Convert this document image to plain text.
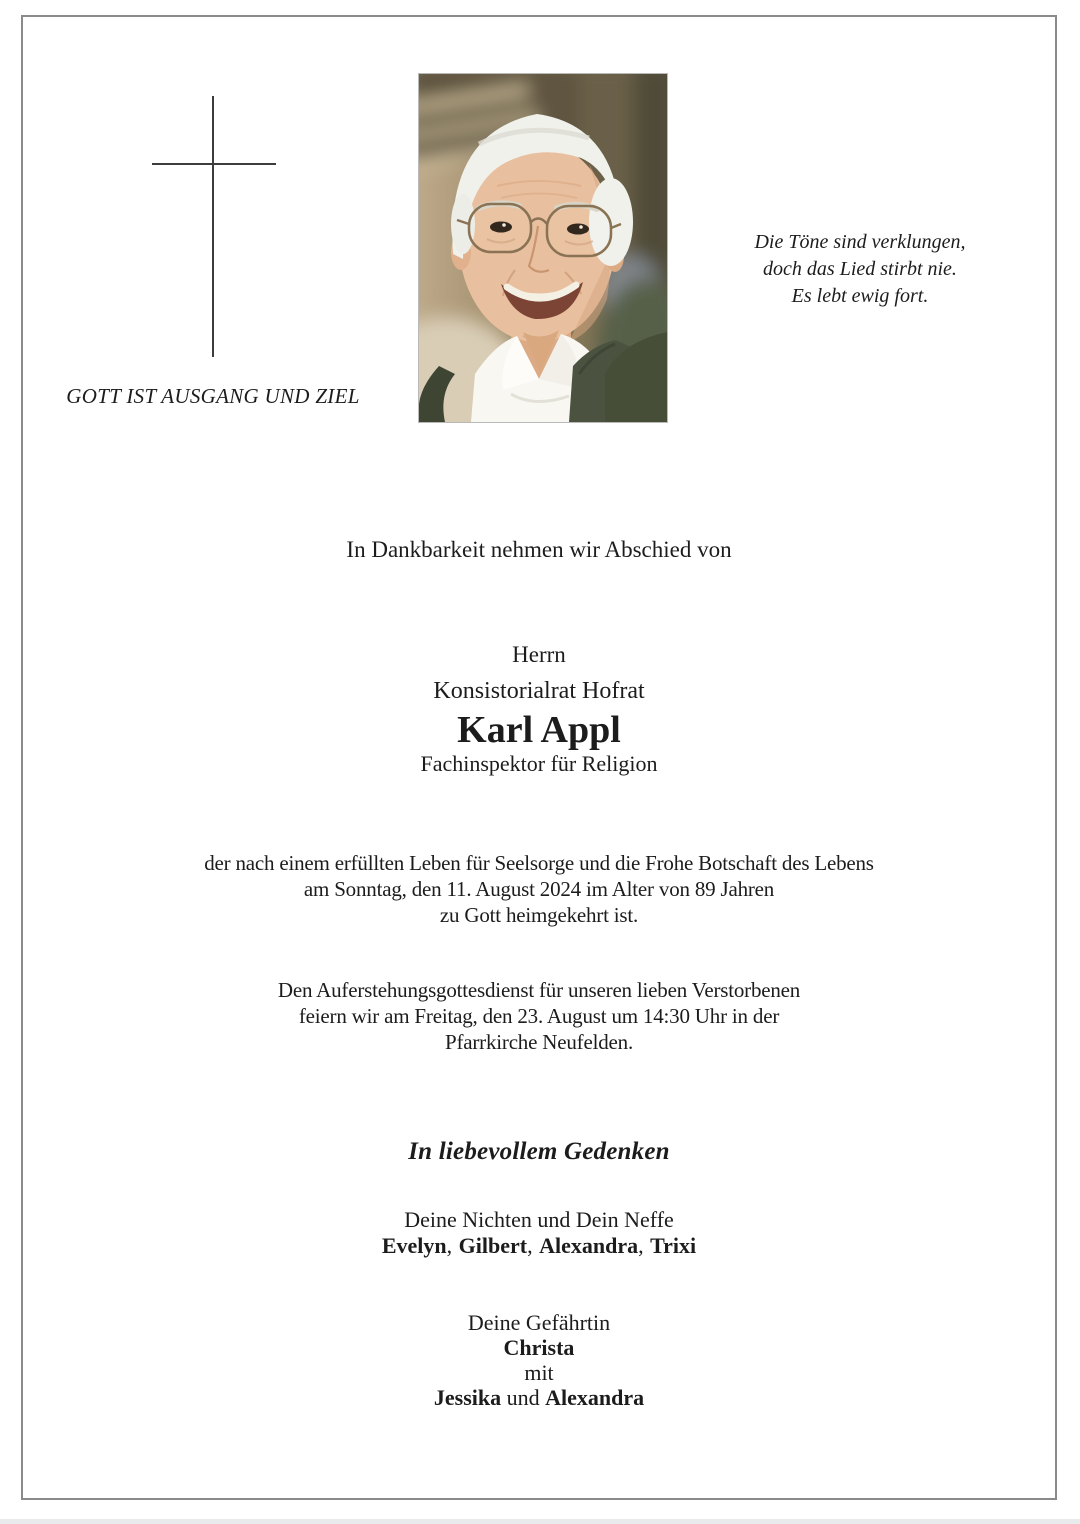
GOTT IST AUSGANG UND ZIEL
Die Töne sind verklungen,
doch das Lied stirbt nie.
Es lebt ewig fort.
In Dankbarkeit nehmen wir Abschied von
Herrn
Konsistorialrat Hofrat
Karl Appl
Fachinspektor für Religion
der nach einem erfüllten Leben für Seelsorge und die Frohe Botschaft des Lebens
am Sonntag, den 11. August 2024 im Alter von 89 Jahren
zu Gott heimgekehrt ist.
Den Auferstehungsgottesdienst für unseren lieben Verstorbenen
feiern wir am Freitag, den 23. August um 14:30 Uhr in der
Pfarrkirche Neufelden.
In liebevollem Gedenken
Deine Nichten und Dein Neffe
Evelyn, Gilbert, Alexandra, Trixi
Deine Gefährtin
Christa
mit
Jessika und Alexandra
